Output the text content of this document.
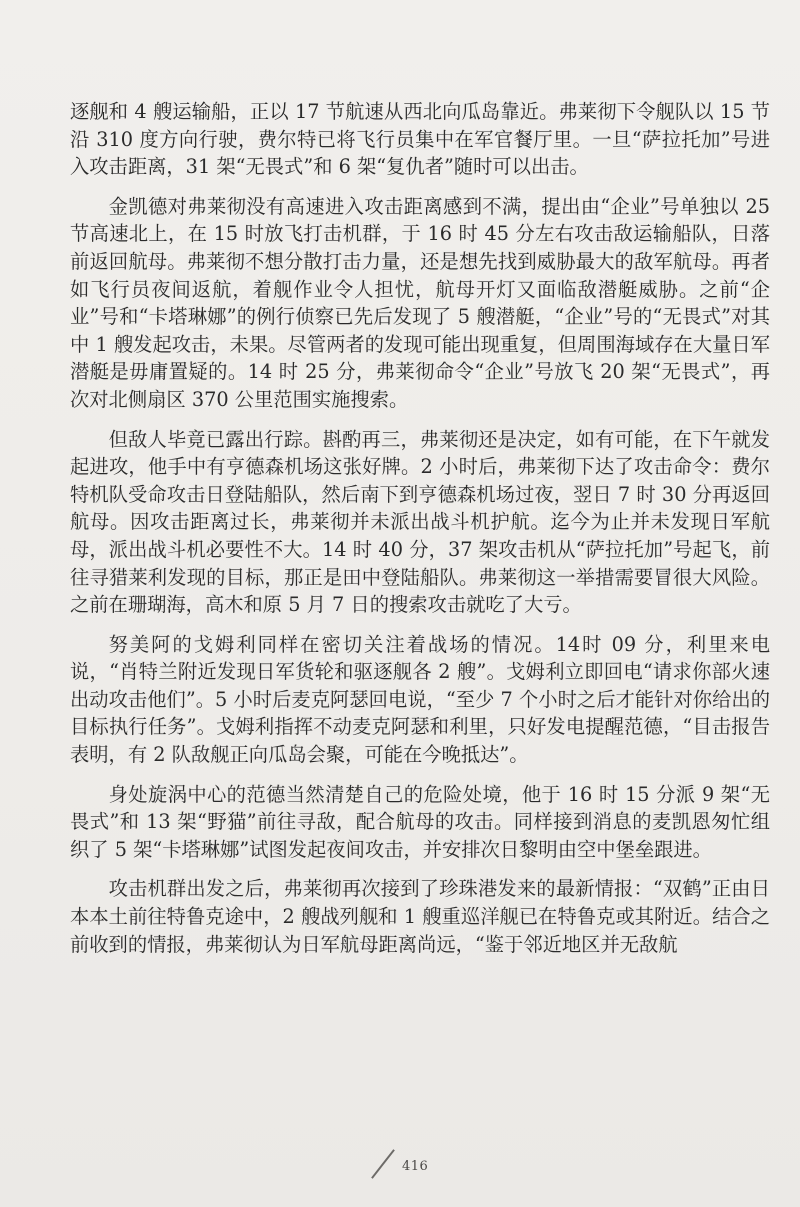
逐舰和 4 艘运输船，正以 17 节航速从西北向瓜岛靠近。弗莱彻下令舰队以 15 节沿 310 度方向行驶，费尔特已将飞行员集中在军官餐厅里。一旦“萨拉托加”号进入攻击距离，31 架“无畏式”和 6 架“复仇者”随时可以出击。

金凯德对弗莱彻没有高速进入攻击距离感到不满，提出由“企业”号单独以 25 节高速北上，在 15 时放飞打击机群，于 16 时 45 分左右攻击敌运输船队，日落前返回航母。弗莱彻不想分散打击力量，还是想先找到威胁最大的敌军航母。再者如飞行员夜间返航，着舰作业令人担忧，航母开灯又面临敌潜艇威胁。之前“企业”号和“卡塔琳娜”的例行侦察已先后发现了 5 艘潜艇，“企业”号的“无畏式”对其中 1 艘发起攻击，未果。尽管两者的发现可能出现重复，但周围海域存在大量日军潜艇是毋庸置疑的。14 时 25 分，弗莱彻命令“企业”号放飞 20 架“无畏式”，再次对北侧扇区 370 公里范围实施搜索。

但敌人毕竟已露出行踪。斟酌再三，弗莱彻还是决定，如有可能，在下午就发起进攻，他手中有亨德森机场这张好牌。2 小时后，弗莱彻下达了攻击命令：费尔特机队受命攻击日登陆船队，然后南下到亨德森机场过夜，翌日 7 时 30 分再返回航母。因攻击距离过长，弗莱彻并未派出战斗机护航。迄今为止并未发现日军航母，派出战斗机必要性不大。14 时 40 分，37 架攻击机从“萨拉托加”号起飞，前往寻猎莱利发现的目标，那正是田中登陆船队。弗莱彻这一举措需要冒很大风险。之前在珊瑚海，高木和原 5 月 7 日的搜索攻击就吃了大亏。

努美阿的戈姆利同样在密切关注着战场的情况。14时 09 分，利里来电说，“肖特兰附近发现日军货轮和驱逐舰各 2 艘”。戈姆利立即回电“请求你部火速出动攻击他们”。5 小时后麦克阿瑟回电说，“至少 7 个小时之后才能针对你给出的目标执行任务”。戈姆利指挥不动麦克阿瑟和利里，只好发电提醒范德，“目击报告表明，有 2 队敌舰正向瓜岛会聚，可能在今晚抵达”。

身处旋涡中心的范德当然清楚自己的危险处境，他于 16 时 15 分派 9 架“无畏式”和 13 架“野猫”前往寻敌，配合航母的攻击。同样接到消息的麦凯恩匆忙组织了 5 架“卡塔琳娜”试图发起夜间攻击，并安排次日黎明由空中堡垒跟进。

攻击机群出发之后，弗莱彻再次接到了珍珠港发来的最新情报：“双鹤”正由日本本土前往特鲁克途中，2 艘战列舰和 1 艘重巡洋舰已在特鲁克或其附近。结合之前收到的情报，弗莱彻认为日军航母距离尚远，“鉴于邻近地区并无敌航

416
